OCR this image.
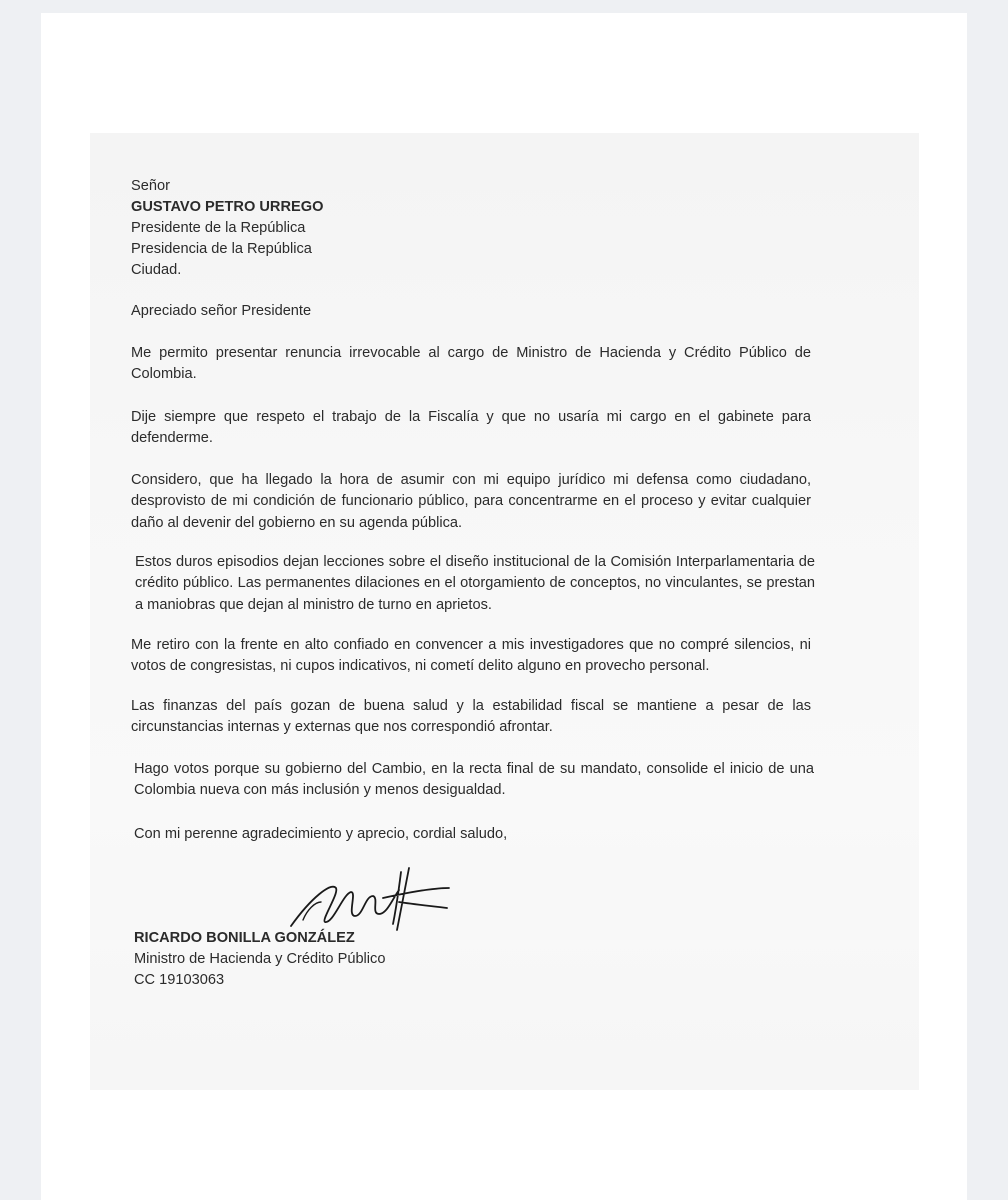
Señor
GUSTAVO PETRO URREGO
Presidente de la República
Presidencia de la República
Ciudad.

Apreciado señor Presidente

Me permito presentar renuncia irrevocable al cargo de Ministro de Hacienda y Crédito Público de Colombia.

Dije siempre que respeto el trabajo de la Fiscalía y que no usaría mi cargo en el gabinete para defenderme.

Considero, que ha llegado la hora de asumir con mi equipo jurídico mi defensa como ciudadano, desprovisto de mi condición de funcionario público, para concentrarme en el proceso y evitar cualquier daño al devenir del gobierno en su agenda pública.

Estos duros episodios dejan lecciones sobre el diseño institucional de la Comisión Interparlamentaria de crédito público. Las permanentes dilaciones en el otorgamiento de conceptos, no vinculantes, se prestan a maniobras que dejan al ministro de turno en aprietos.

Me retiro con la frente en alto confiado en convencer a mis investigadores que no compré silencios, ni votos de congresistas, ni cupos indicativos, ni cometí delito alguno en provecho personal.

Las finanzas del país gozan de buena salud y la estabilidad fiscal se mantiene a pesar de las circunstancias internas y externas que nos correspondió afrontar.

Hago votos porque su gobierno del Cambio, en la recta final de su mandato, consolide el inicio de una Colombia nueva con más inclusión y menos desigualdad.

Con mi perenne agradecimiento y aprecio, cordial saludo,

RICARDO BONILLA GONZÁLEZ
Ministro de Hacienda y Crédito Público
CC 19103063
